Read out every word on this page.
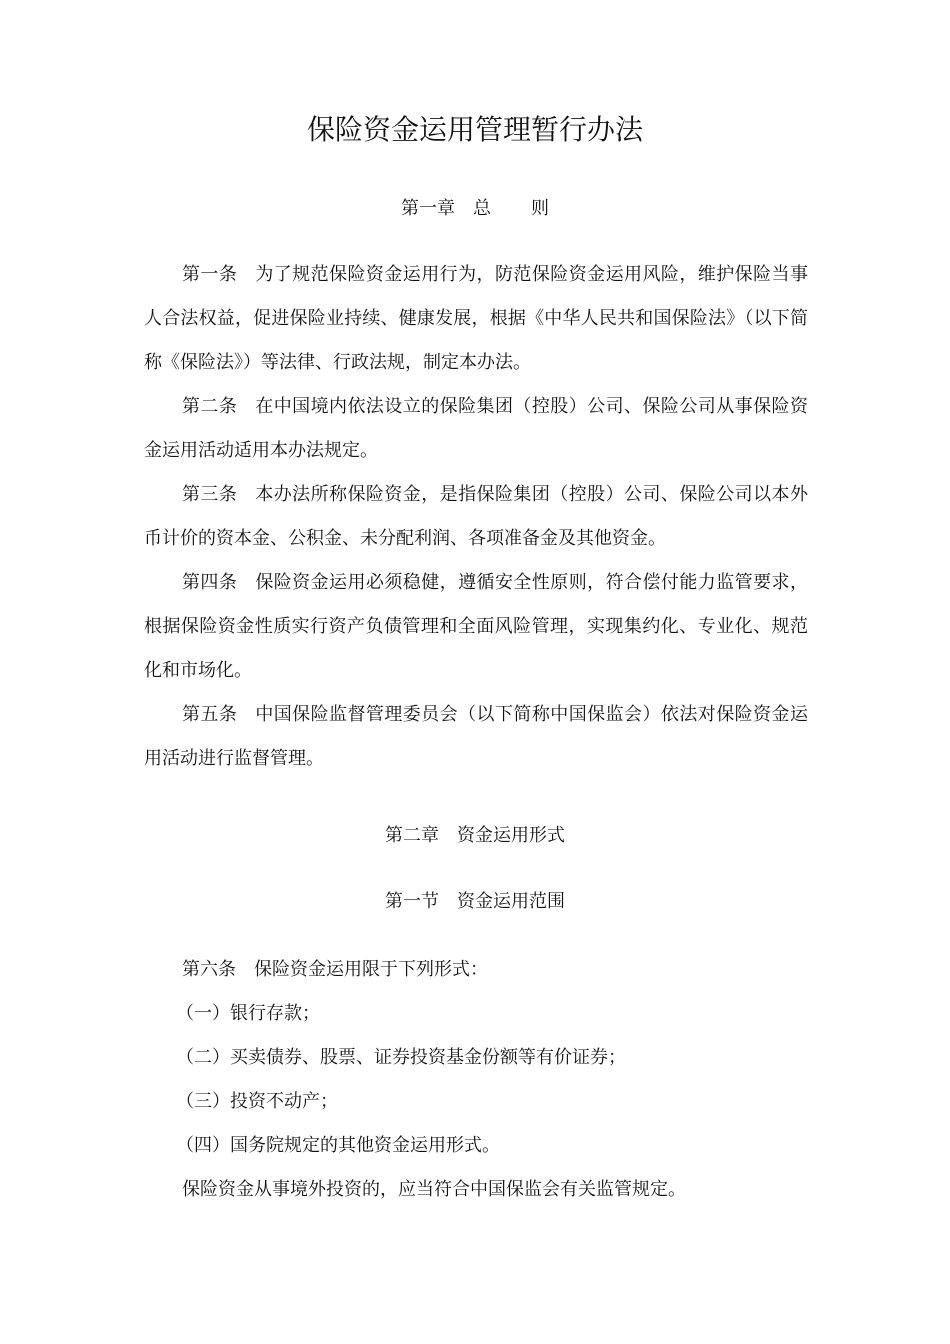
保险资金运用管理暂行办法
第一章 总 则

第一条 为了规范保险资金运用行为，防范保险资金运用风险，维护保险当事人合法权益，促进保险业持续、健康发展，根据《中华人民共和国保险法》（以下简称《保险法》）等法律、行政法规，制定本办法。

第二条 在中国境内依法设立的保险集团（控股）公司、保险公司从事保险资金运用活动适用本办法规定。

第三条 本办法所称保险资金，是指保险集团（控股）公司、保险公司以本外币计价的资本金、公积金、未分配利润、各项准备金及其他资金。

第四条 保险资金运用必须稳健，遵循安全性原则，符合偿付能力监管要求，根据保险资金性质实行资产负债管理和全面风险管理，实现集约化、专业化、规范化和市场化。

第五条 中国保险监督管理委员会（以下简称中国保监会）依法对保险资金运用活动进行监督管理。

第二章 资金运用形式
第一节 资金运用范围

第六条 保险资金运用限于下列形式：

（一）银行存款；

（二）买卖债券、股票、证券投资基金份额等有价证券；

（三）投资不动产；

（四）国务院规定的其他资金运用形式。

保险资金从事境外投资的，应当符合中国保监会有关监管规定。
